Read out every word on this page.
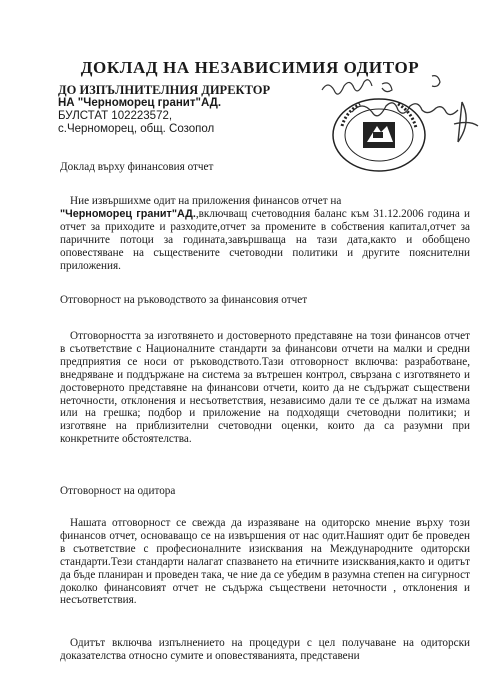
ДОКЛАД НА НЕЗАВИСИМИЯ ОДИТОР
ДО ИЗПЪЛНИТЕЛНИЯ ДИРЕКТОР
НА "Черноморец гранит"АД.
БУЛСТАТ 102223572,
с.Черноморец, общ. Созопол
Доклад върху финансовия отчет
Ние извършихме одит на приложения финансов отчет на
"Черноморец гранит"АД.,включващ счетоводния баланс към 31.12.2006 година и отчет за приходите и разходите,отчет за промените в собствения капитал,отчет за паричните потоци за годината,завършваща на тази дата,както и обобщено оповестяване на съществените счетоводни политики и другите пояснителни приложения.
Отговорност на ръководството за финансовия отчет
Отговорността за изготвянето и достоверното представяне на този финансов отчет в съответствие с Националните стандарти за финансови отчети на малки и средни предприятия се носи от ръководството.Тази отговорност включва: разработване, внедряване и поддържане на система за вътрешен контрол, свързана с изготвянето и достоверното представяне на финансови отчети, които да не съдържат съществени неточности, отклонения и несъответствия, независимо дали те се дължат на измама или на грешка; подбор и приложение на подходящи счетоводни политики; и изготвяне на приблизителни счетоводни оценки, които да са разумни при конкретните обстоятелства.
Отговорност на одитора
Нашата отговорност се свежда да изразяване на одиторско мнение върху този финансов отчет, основаващо се на извършения от нас одит.Нашият одит бе проведен в съответствие с професионалните изисквания на Международните одиторски стандарти.Тези стандарти налагат спазването на етичните изисквания,както и одитът да бъде планиран и проведен така, че ние да се убедим в разумна степен на сигурност доколко финансовият отчет не съдържа съществени неточности , отклонения и несъответствия.
Одитът включва изпълнението на процедури с цел получаване на одиторски доказателства относно сумите и оповестяванията, представени
